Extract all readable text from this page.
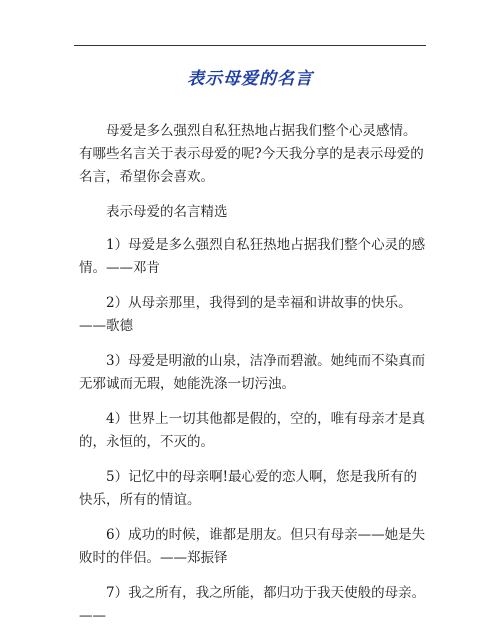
表示母爱的名言

母爱是多么强烈自私狂热地占据我们整个心灵感情。有哪些名言关于表示母爱的呢?今天我分享的是表示母爱的名言，希望你会喜欢。

表示母爱的名言精选

1）母爱是多么强烈自私狂热地占据我们整个心灵的感情。——邓肯

2）从母亲那里，我得到的是幸福和讲故事的快乐。——歌德

3）母爱是明澈的山泉，洁净而碧澈。她纯而不染真而无邪诚而无瑕，她能洗涤一切污浊。

4）世界上一切其他都是假的，空的，唯有母亲才是真的，永恒的，不灭的。

5）记忆中的母亲啊!最心爱的恋人啊，您是我所有的快乐，所有的情谊。

6）成功的时候，谁都是朋友。但只有母亲——她是失败时的伴侣。——郑振铎

7）我之所有，我之所能，都归功于我天使般的母亲。——
